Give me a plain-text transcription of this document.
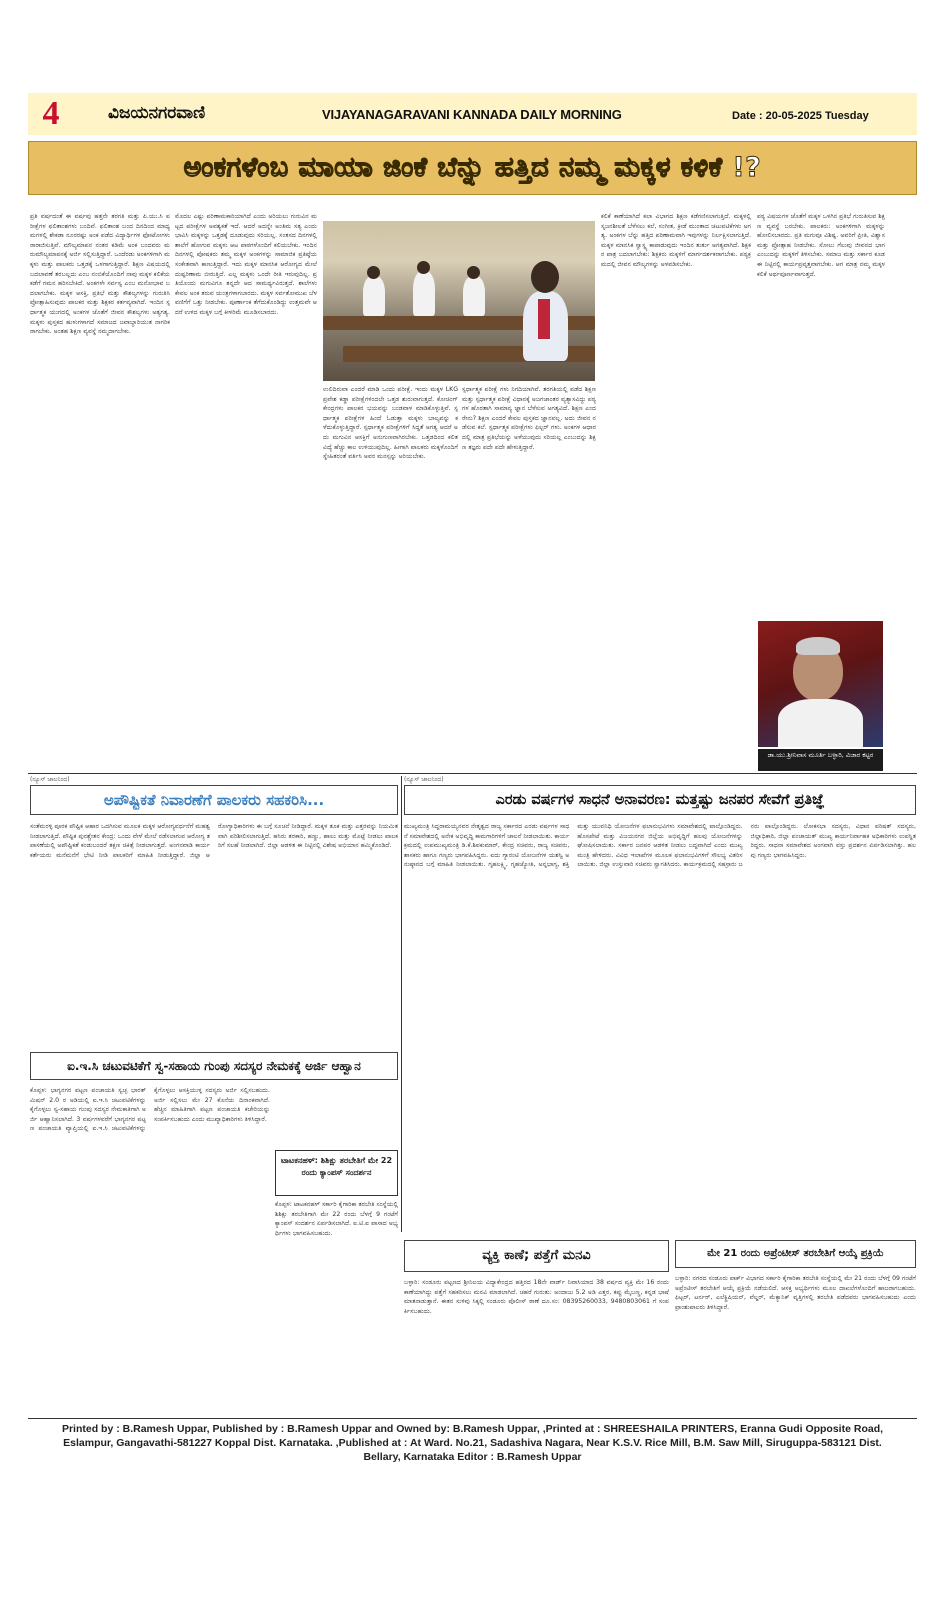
4	ವಿಜಯನಗರವಾಣಿ	VIJAYANAGARAVANI KANNADA DAILY MORNING	Date : 20-05-2025 Tuesday
ಅಂಕಗಳೆಂಬ ಮಾಯಾ ಜಿಂಕೆ ಬೆನ್ನು ಹತ್ತಿದ ನಮ್ಮ ಮಕ್ಕಳ ಕಳಿಕೆ !?
ಪ್ರತಿ ವರ್ಷದಂತೆ ಈ ವರ್ಷವು ಹತ್ತನೇ ತರಗತಿ ಮತ್ತು ಪಿ.ಯು.ಸಿ ಪರೀಕ್ಷೆಗಳ ಫಲಿತಾಂಶಗಳು ಬಂದಿವೆ. ಫಲಿತಾಂಶ ಬಂದ ದಿನದಿಂದ ಮಾಧ್ಯಮಗಳಲ್ಲಿ ಶೇಕಡಾ ನೂರರಷ್ಟು ಅಂಕ ಪಡೆದ ವಿದ್ಯಾರ್ಥಿಗಳ ಫೋಟೋಗಳು ರಾರಾಜಿಸುತ್ತಿವೆ. ಮೌಲ್ಯಮಾಪನ ನಂತರ ಕಡಿಮೆ ಅಂಕ ಬಂದವರು ಮರುಮೌಲ್ಯಮಾಪನಕ್ಕೆ ಅರ್ಜಿ ಸಲ್ಲಿಸುತ್ತಿದ್ದಾರೆ. ಒಂದೆರಡು ಅಂಕಗಳಿಗಾಗಿ ಮಕ್ಕಳು ಮತ್ತು ಪಾಲಕರು ಒತ್ತಡಕ್ಕೆ ಒಳಗಾಗುತ್ತಿದ್ದಾರೆ. ಶಿಕ್ಷಣ ವಿಷಯದಲ್ಲಿ ಬದಲಾವಣೆ ತರಬಲ್ಲದು ಎಂಬ ನಂಬಿಕೆಯೊಂದಿಗೆ ನಾವು ಮಕ್ಕಳ ಕಲಿಕೆಯ ಕಡೆಗೆ ಗಮನ ಹರಿಸಬೇಕಿದೆ. ಅಂಕಗಳೇ ಸರ್ವಸ್ವ ಎಂಬ ಮನೋಭಾವ ಬದಲಾಗಬೇಕು. ಮಕ್ಕಳ ಆಸಕ್ತಿ, ಪ್ರತಿಭೆ ಮತ್ತು ಕೌಶಲ್ಯಗಳನ್ನು ಗುರುತಿಸಿ ಪ್ರೋತ್ಸಾಹಿಸುವುದು ಪಾಲಕರ ಮತ್ತು ಶಿಕ್ಷಕರ ಕರ್ತವ್ಯವಾಗಿದೆ. ಇಂದಿನ ಸ್ಪರ್ಧಾತ್ಮಕ ಯುಗದಲ್ಲಿ ಅಂಕಗಳ ಜೊತೆಗೆ ಜೀವನ ಕೌಶಲ್ಯಗಳು ಅತ್ಯಗತ್ಯ. ಮಕ್ಕಳು ಪುಸ್ತಕದ ಹುಳುಗಳಾಗದೆ ಸಮಾಜದ ಜವಾಬ್ದಾರಿಯುತ ನಾಗರಿಕರಾಗಬೇಕು. ಅಂತಹ ಶಿಕ್ಷಣ ವ್ಯವಸ್ಥೆ ನಮ್ಮದಾಗಬೇಕು.
ಮೊದಲ ಎಷ್ಟು ಪರಿಣಾಮಕಾರಿಯಾಗಿದೆ ಎಂದು ಅರಿಯಲು ಗುರುವಿನ ಮಟ್ಟದ ಪರೀಕ್ಷೆಗಳ ಅವಶ್ಯಕತೆ ಇದೆ. ಆದರೆ ಅದನ್ನೇ ಅಂತಿಮ ಸತ್ಯ ಎಂದು ಭಾವಿಸಿ ಮಕ್ಕಳನ್ನು ಒತ್ತಡಕ್ಕೆ ದೂಡುವುದು ಸರಿಯಲ್ಲ. ಸಂತಸದ ದಿನಗಳಲ್ಲಿ ಶಾಲೆಗೆ ಹೋಗುವ ಮಕ್ಕಳು ಆಟ ಪಾಠಗಳೊಂದಿಗೆ ಕಲಿಯಬೇಕು. ಇಂದಿನ ದಿನಗಳಲ್ಲಿ ಪೋಷಕರು ತಮ್ಮ ಮಕ್ಕಳ ಅಂಕಗಳನ್ನು ಸಾಮಾಜಿಕ ಪ್ರತಿಷ್ಠೆಯ ಸಂಕೇತವಾಗಿ ಕಾಣುತ್ತಿದ್ದಾರೆ. ಇದು ಮಕ್ಕಳ ಮಾನಸಿಕ ಆರೋಗ್ಯದ ಮೇಲೆ ದುಷ್ಪರಿಣಾಮ ಬೀರುತ್ತಿದೆ. ಎಲ್ಲ ಮಕ್ಕಳು ಒಂದೇ ರೀತಿ ಇರುವುದಿಲ್ಲ. ಪ್ರತಿಯೊಂದು ಮಗುವಿಗೂ ತನ್ನದೇ ಆದ ಸಾಮರ್ಥ್ಯವಿರುತ್ತದೆ. ಶಾಲೆಗಳು ಕೇವಲ ಅಂಕ ತರುವ ಯಂತ್ರಗಳಾಗಬಾರದು. ಮಕ್ಕಳ ಸರ್ವತೋಮುಖ ಬೆಳವಣಿಗೆಗೆ ಒತ್ತು ನೀಡಬೇಕು. ಪೂರ್ಣಾಂಕ ತೆಗೆದುಕೊಂಡಿದ್ದು ಉತ್ತಮವೇ ಆದರೆ ಉಳಿದ ಮಕ್ಕಳ ಬಗ್ಗೆ ಕೀಳರಿಮೆ ಮೂಡಿಸಬಾರದು.
ಉಲಿದಿರುವಾ ಎಂದರೆ ಮಾಡಿ ಒಂದು ಪರೀಕ್ಷೆ. ಇಂದು ಮಕ್ಕಳ LKG ಪ್ರವೇಶ ಕಡ್ಡಾ ಪರೀಕ್ಷೆಗಳಿಂದಲೇ ಒತ್ತಡ ಶುರುವಾಗುತ್ತದೆ. ಕೋಚಿಂಗ್ ಕೇಂದ್ರಗಳು ಪಾಲಕರ ಭಯವನ್ನು ಬಂಡವಾಳ ಮಾಡಿಕೊಳ್ಳುತ್ತಿವೆ. ಸ್ಪರ್ಧಾತ್ಮಕ ಪರೀಕ್ಷೆಗಳ ಹಿಂದೆ ಓಡುತ್ತಾ ಮಕ್ಕಳು ಬಾಲ್ಯವನ್ನು ಕಳೆದುಕೊಳ್ಳುತ್ತಿದ್ದಾರೆ. ಸ್ಪರ್ಧಾತ್ಮಕ ಪರೀಕ್ಷೆಗಳಿಗೆ ಸಿದ್ಧತೆ ಅಗತ್ಯ ಆದರೆ ಅದು ಮಗುವಿನ ಆಸಕ್ತಿಗೆ ಅನುಗುಣವಾಗಿರಬೇಕು. ಒತ್ತಡದಿಂದ ಕಲಿತ ವಿದ್ಯೆ ಹೆಚ್ಚು ಕಾಲ ಉಳಿಯುವುದಿಲ್ಲ. ಹೀಗಾಗಿ ಪಾಲಕರು ಮಕ್ಕಳೊಂದಿಗೆ ಸ್ನೇಹಿತರಂತೆ ವರ್ತಿಸಿ ಅವರ ಮನಸ್ಸನ್ನು ಅರಿಯಬೇಕು.
ಸ್ಪರ್ಧಾತ್ಮಕ ಪರೀಕ್ಷೆ ಗಳು ನಿಗದಿಯಾಗಿವೆ. ತರಗತಿಯಲ್ಲಿ ಪಡೆದ ಶಿಕ್ಷಣ ಮತ್ತು ಸ್ಪರ್ಧಾತ್ಮಕ ಪರೀಕ್ಷೆ ವಿಧಾನಕ್ಕೆ ಅಜಗಜಾಂತರ ವ್ಯತ್ಯಾಸವಿದ್ದು ಪಠ್ಯಗಳ ಹೊರತಾಗಿ ಸಾಮಾನ್ಯ ಜ್ಞಾನ ಬೆಳೆಸುವ ಅಗತ್ಯವಿದೆ. ಶಿಕ್ಷಣ ಎಂದರೇನು? ಶಿಕ್ಷಣ ಎಂದರೆ ಕೇವಲ ಪುಸ್ತಕದ ಜ್ಞಾನವಲ್ಲ. ಅದು ಜೀವನ ನಡೆಸುವ ಕಲೆ. ಸ್ಪರ್ಧಾತ್ಮಕ ಪರೀಕ್ಷೆಗಳು ಫಿಲ್ಟರ್ ಗಳು. ಅಂಕಗಳ ಆಧಾರದಲ್ಲಿ ಮಾತ್ರ ಪ್ರತಿಭೆಯನ್ನು ಅಳೆಯುವುದು ಸರಿಯಲ್ಲ ಎಂಬುದನ್ನು ಶಿಕ್ಷಣ ತಜ್ಞರು ಪದೇ ಪದೇ ಹೇಳುತ್ತಿದ್ದಾರೆ.
ಕಲಿಕೆ ಕಾಣೆಯಾಗಿದೆ ಕಲಾ ವಿಭಾಗದ ಶಿಕ್ಷಣ ಕಡೆಗಣಿಸಲಾಗುತ್ತಿದೆ. ಮಕ್ಕಳಲ್ಲಿ ಸೃಜನಶೀಲತೆ ಬೆಳೆಸಲು ಕಲೆ, ಸಂಗೀತ, ಕ್ರೀಡೆ ಮುಂತಾದ ಚಟುವಟಿಕೆಗಳು ಅಗತ್ಯ. ಅಂಕಗಳ ಬೆನ್ನು ಹತ್ತಿದ ಪರಿಣಾಮವಾಗಿ ಇವುಗಳನ್ನು ನಿರ್ಲಕ್ಷಿಸಲಾಗುತ್ತಿದೆ. ಮಕ್ಕಳ ಮಾನಸಿಕ ಸ್ವಾಸ್ಥ್ಯ ಕಾಪಾಡುವುದು ಇಂದಿನ ತುರ್ತು ಅಗತ್ಯವಾಗಿದೆ. ಶಿಕ್ಷಕರ ಪಾತ್ರ ಬದಲಾಗಬೇಕು: ಶಿಕ್ಷಕರು ಮಕ್ಕಳಿಗೆ ಮಾರ್ಗದರ್ಶಕರಾಗಬೇಕು. ಪಠ್ಯಕ್ರಮದಲ್ಲಿ ಜೀವನ ಮೌಲ್ಯಗಳನ್ನು ಅಳವಡಿಸಬೇಕು.
ಪಠ್ಯ ವಿಷಯಗಳ ಜೊತೆಗೆ ಮಕ್ಕಳ ಒಳಗಿನ ಪ್ರತಿಭೆ ಗುರುತಿಸುವ ಶಿಕ್ಷಣ ವ್ಯವಸ್ಥೆ ಬರಬೇಕು. ಪಾಲಕರು: ಅಂಕಗಳಿಗಾಗಿ ಮಕ್ಕಳನ್ನು ಹೋಲಿಸಬಾರದು. ಪ್ರತಿ ಮಗುವೂ ವಿಶಿಷ್ಟ. ಅವರಿಗೆ ಪ್ರೀತಿ, ವಿಶ್ವಾಸ ಮತ್ತು ಪ್ರೋತ್ಸಾಹ ನೀಡಬೇಕು. ಸೋಲು ಗೆಲುವು ಜೀವನದ ಭಾಗ ಎಂಬುದನ್ನು ಮಕ್ಕಳಿಗೆ ತಿಳಿಸಬೇಕು. ಸಮಾಜ ಮತ್ತು ಸರ್ಕಾರ ಕೂಡ ಈ ನಿಟ್ಟಿನಲ್ಲಿ ಕಾರ್ಯಪ್ರವೃತ್ತವಾಗಬೇಕು. ಆಗ ಮಾತ್ರ ನಮ್ಮ ಮಕ್ಕಳ ಕಲಿಕೆ ಅರ್ಥಪೂರ್ಣವಾಗುತ್ತದೆ.
ಡಾ.ಯು.ಶ್ರೀನಿವಾಸ ಮೂರ್ತಿ ಬಳ್ಳಾರಿ, ವಿಜಾರ ಕಟ್ಟರ
(ನ್ಯೂಸ್ ಜಾಲನಿಂದ)
ಅಪೌಷ್ಟಿಕತೆ ನಿವಾರಣೆಗೆ ಪಾಲಕರು ಸಹಕರಿಸಿ...
ಸಂತೆಮರಳ್ಳಿ ಪೂರಕ ಪೌಷ್ಟಿಕ ಆಹಾರ ಒದಗಿಸುವ ಮೂಲಕ ಮಕ್ಕಳ ಆರೋಗ್ಯವರ್ಧನೆಗೆ ಮಹತ್ವ ನೀಡಲಾಗುತ್ತಿದೆ. ಪೌಷ್ಟಿಕ ಪುನಶ್ಚೇತನ ಕೇಂದ್ರ: ಒಂದು ವೇಳೆ ಮೇಲೆ ನಡೆಸಲಾಗುವ ಆರೋಗ್ಯ ತಪಾಸಣೆಯಲ್ಲಿ ಅಪೌಷ್ಟಿಕತೆ ಕಂಡುಬಂದರೆ ತಕ್ಷಣ ಚಿಕಿತ್ಸೆ ನೀಡಲಾಗುತ್ತದೆ. ಅಂಗನವಾಡಿ ಕಾರ್ಯಕರ್ತೆಯರು ಮನೆಮನೆಗೆ ಭೇಟಿ ನೀಡಿ ಪಾಲಕರಿಗೆ ಮಾಹಿತಿ ನೀಡುತ್ತಿದ್ದಾರೆ. ಜಿಲ್ಲಾ ಆರೋಗ್ಯಾಧಿಕಾರಿಗಳು ಈ ಬಗ್ಗೆ ಸೂಚನೆ ನೀಡಿದ್ದಾರೆ. ಮಕ್ಕಳ ತೂಕ ಮತ್ತು ಎತ್ತರವನ್ನು ನಿಯಮಿತವಾಗಿ ಪರಿಶೀಲಿಸಲಾಗುತ್ತಿದೆ. ಹಸಿರು ತರಕಾರಿ, ಹಣ್ಣು, ಹಾಲು ಮತ್ತು ಮೊಟ್ಟೆ ನೀಡಲು ಪಾಲಕರಿಗೆ ಸಲಹೆ ನೀಡಲಾಗಿದೆ. ಜಿಲ್ಲಾ ಆಡಳಿತ ಈ ನಿಟ್ಟಿನಲ್ಲಿ ವಿಶೇಷ ಅಭಿಯಾನ ಹಮ್ಮಿಕೊಂಡಿದೆ.
(ನ್ಯೂಸ್ ಜಾಲನಿಂದ)
ಎರಡು ವರ್ಷಗಳ ಸಾಧನೆ ಅನಾವರಣ: ಮತ್ತಷ್ಟು ಜನಪರ ಸೇವೆಗೆ ಪ್ರತಿಜ್ಞೆ
ಮುಖ್ಯಮಂತ್ರಿ ಸಿದ್ದರಾಮಯ್ಯನವರ ನೇತೃತ್ವದ ರಾಜ್ಯ ಸರ್ಕಾರದ ಎರಡು ವರ್ಷಗಳ ಸಾಧನೆ ಸಮಾವೇಶದಲ್ಲಿ ಅನೇಕ ಅಭಿವೃದ್ಧಿ ಕಾಮಗಾರಿಗಳಿಗೆ ಚಾಲನೆ ನೀಡಲಾಯಿತು. ಕಾರ್ಯಕ್ರಮದಲ್ಲಿ ಉಪಮುಖ್ಯಮಂತ್ರಿ ಡಿ.ಕೆ.ಶಿವಕುಮಾರ್, ಕೇಂದ್ರ ಸಚಿವರು, ರಾಜ್ಯ ಸಚಿವರು, ಶಾಸಕರು ಹಾಗೂ ಗಣ್ಯರು ಭಾಗವಹಿಸಿದ್ದರು. ಐದು ಗ್ಯಾರಂಟಿ ಯೋಜನೆಗಳ ಯಶಸ್ವಿ ಅನುಷ್ಠಾನದ ಬಗ್ಗೆ ಮಾಹಿತಿ ನೀಡಲಾಯಿತು. ಗೃಹಲಕ್ಷ್ಮಿ, ಗೃಹಜ್ಯೋತಿ, ಅನ್ನಭಾಗ್ಯ, ಶಕ್ತಿ ಮತ್ತು ಯುವನಿಧಿ ಯೋಜನೆಗಳ ಫಲಾನುಭವಿಗಳು ಸಮಾವೇಶದಲ್ಲಿ ಪಾಲ್ಗೊಂಡಿದ್ದರು. ಹೊಸಪೇಟೆ ಮತ್ತು ವಿಜಯನಗರ ಜಿಲ್ಲೆಯ ಅಭಿವೃದ್ಧಿಗೆ ಹಲವು ಯೋಜನೆಗಳನ್ನು ಘೋಷಿಸಲಾಯಿತು. ಸರ್ಕಾರ ಜನಪರ ಆಡಳಿತ ನೀಡಲು ಬದ್ಧವಾಗಿದೆ ಎಂದು ಮುಖ್ಯಮಂತ್ರಿ ಹೇಳಿದರು. ವಿವಿಧ ಇಲಾಖೆಗಳ ಮೂಲಕ ಫಲಾನುಭವಿಗಳಿಗೆ ಸೌಲಭ್ಯ ವಿತರಿಸಲಾಯಿತು. ಜಿಲ್ಲಾ ಉಸ್ತುವಾರಿ ಸಚಿವರು ಸ್ವಾಗತಿಸಿದರು. ಕಾರ್ಯಕ್ರಮದಲ್ಲಿ ಸಹಸ್ರಾರು ಜನರು ಪಾಲ್ಗೊಂಡಿದ್ದರು. ಲೋಕಸಭಾ ಸದಸ್ಯರು, ವಿಧಾನ ಪರಿಷತ್ ಸದಸ್ಯರು, ಜಿಲ್ಲಾಧಿಕಾರಿ, ಜಿಲ್ಲಾ ಪಂಚಾಯತ್ ಮುಖ್ಯ ಕಾರ್ಯನಿರ್ವಾಹಕ ಅಧಿಕಾರಿಗಳು ಉಪಸ್ಥಿತರಿದ್ದರು. ಸಾಧನಾ ಸಮಾವೇಶದ ಅಂಗವಾಗಿ ವಸ್ತು ಪ್ರದರ್ಶನ ಏರ್ಪಡಿಸಲಾಗಿತ್ತು. ಹಲವು ಗಣ್ಯರು ಭಾಗವಹಿಸಿದ್ದರು.
ಐ.ಇ.ಸಿ ಚಟುವಟಿಕೆಗೆ ಸ್ವ-ಸಹಾಯ ಗುಂಪು ಸದಸ್ಯರ ನೇಮಕಕ್ಕೆ ಅರ್ಜಿ ಆಹ್ವಾನ
ಕೊಪ್ಪಳ: ಭಾಗ್ಯನಗರ ಪಟ್ಟಣ ಪಂಚಾಯತಿ ಸ್ವಚ್ಛ ಭಾರತ್ ಮಿಷನ್ 2.0 ರ ಅಡಿಯಲ್ಲಿ ಐ.ಇ.ಸಿ ಚಟುವಟಿಕೆಗಳನ್ನು ಕೈಗೊಳ್ಳಲು ಸ್ವ-ಸಹಾಯ ಗುಂಪು ಸದಸ್ಯರ ನೇಮಕಾತಿಗಾಗಿ ಅರ್ಜಿ ಆಹ್ವಾನಿಸಲಾಗಿದೆ. 3 ವರ್ಷಗಳವರೆಗೆ ಭಾಗ್ಯನಗರ ಪಟ್ಟಣ ಪಂಚಾಯತಿ ವ್ಯಾಪ್ತಿಯಲ್ಲಿ ಐ.ಇ.ಸಿ ಚಟುವಟಿಕೆಗಳನ್ನು ಕೈಗೊಳ್ಳಲು ಆಸಕ್ತಿಯುಳ್ಳ ಸದಸ್ಯರು ಅರ್ಜಿ ಸಲ್ಲಿಸಬಹುದು. ಅರ್ಜಿ ಸಲ್ಲಿಸಲು ಮೇ 27 ಕೊನೆಯ ದಿನಾಂಕವಾಗಿದೆ. ಹೆಚ್ಚಿನ ಮಾಹಿತಿಗಾಗಿ ಪಟ್ಟಣ ಪಂಚಾಯತಿ ಕಚೇರಿಯನ್ನು ಸಂಪರ್ಕಿಸಬಹುದು ಎಂದು ಮುಖ್ಯಾಧಿಕಾರಿಗಳು ತಿಳಿಸಿದ್ದಾರೆ.
ಟಾಟಕನಹಳ್: ಶಿಶಿಕ್ಷು ತರಬೇತಿಗೆ ಮೇ 22 ರಂದು ಕ್ಯಾಂಪಸ್ ಸಂದರ್ಶನ
ಕೊಪ್ಪಳ: ಟಾಟಕನಹಳ್ ಸರ್ಕಾರಿ ಕೈಗಾರಿಕಾ ತರಬೇತಿ ಸಂಸ್ಥೆಯಲ್ಲಿ ಶಿಶಿಕ್ಷು ತರಬೇತಿಗಾಗಿ ಮೇ 22 ರಂದು ಬೆಳಗ್ಗೆ 9 ಗಂಟೆಗೆ ಕ್ಯಾಂಪಸ್ ಸಂದರ್ಶನ ಏರ್ಪಡಿಸಲಾಗಿದೆ. ಐ.ಟಿ.ಐ ಪಾಸಾದ ಅಭ್ಯರ್ಥಿಗಳು ಭಾಗವಹಿಸಬಹುದು.
ವ್ಯಕ್ತಿ ಕಾಣೆ; ಪತ್ತೆಗೆ ಮನವಿ
ಬಳ್ಳಾರಿ: ಸಂಡೂರು ಪಟ್ಟಣದ ಶ್ರೀನಿಲಯ ವಿದ್ಯಾಕೇಂದ್ರದ ಹತ್ತಿರದ 18ನೇ ವಾರ್ಡ್ ನಿವಾಸಿಯಾದ 38 ವರ್ಷದ ವ್ಯಕ್ತಿ ಮೇ 16 ರಂದು ಕಾಣೆಯಾಗಿದ್ದು ಪತ್ತೆಗೆ ಸಹಕರಿಸಲು ಮನವಿ ಮಾಡಲಾಗಿದೆ. ಚಹರೆ ಗುರುತು: ಅಂದಾಜು 5.2 ಅಡಿ ಎತ್ತರ, ಕಪ್ಪು ಮೈಬಣ್ಣ, ಕನ್ನಡ ಭಾಷೆ ಮಾತನಾಡುತ್ತಾನೆ. ಈತನ ಸುಳಿವು ಸಿಕ್ಕಲ್ಲಿ ಸಂಡೂರು ಪೊಲೀಸ್ ಠಾಣೆ ದೂ.ಸಂ: 08395260033, 9480803061 ಗೆ ಸಂಪರ್ಕಿಸಬಹುದು.
ಮೇ 21 ರಂದು ಅಪ್ರೆಂಟೀಸ್ ತರಬೇತಿಗೆ ಆಯ್ಕೆ ಪ್ರಕ್ರಿಯೆ
ಬಳ್ಳಾರಿ: ನಗರದ ಸಂಡೂರು ಪಾರ್ಕ್ ವಿಭಾಗದ ಸರ್ಕಾರಿ ಕೈಗಾರಿಕಾ ತರಬೇತಿ ಸಂಸ್ಥೆಯಲ್ಲಿ ಮೇ 21 ರಂದು ಬೆಳಗ್ಗೆ 09 ಗಂಟೆಗೆ ಅಪ್ರೆಂಟೀಸ್ ತರಬೇತಿಗೆ ಆಯ್ಕೆ ಪ್ರಕ್ರಿಯೆ ನಡೆಯಲಿದೆ. ಆಸಕ್ತ ಅಭ್ಯರ್ಥಿಗಳು ಮೂಲ ದಾಖಲೆಗಳೊಂದಿಗೆ ಹಾಜರಾಗಬಹುದು. ಫಿಟ್ಟರ್, ಟರ್ನರ್, ಎಲೆಕ್ಟ್ರಿಷಿಯನ್, ವೆಲ್ಡರ್, ಮೆಕ್ಯಾನಿಕ್ ವೃತ್ತಿಗಳಲ್ಲಿ ತರಬೇತಿ ಪಡೆದವರು ಭಾಗವಹಿಸಬಹುದು ಎಂದು ಪ್ರಾಂಶುಪಾಲರು ತಿಳಿಸಿದ್ದಾರೆ.
Printed by : B.Ramesh Uppar, Published by : B.Ramesh Uppar and Owned by: B.Ramesh Uppar, ,Printed at : SHREESHAILA PRINTERS, Eranna Gudi Opposite Road,
Eslampur, Gangavathi-581227 Koppal Dist. Karnataka. ,Published at : At Ward. No.21, Sadashiva Nagara, Near K.S.V. Rice Mill, B.M. Saw Mill, Siruguppa-583121 Dist.
Bellary, Karnataka Editor : B.Ramesh Uppar
